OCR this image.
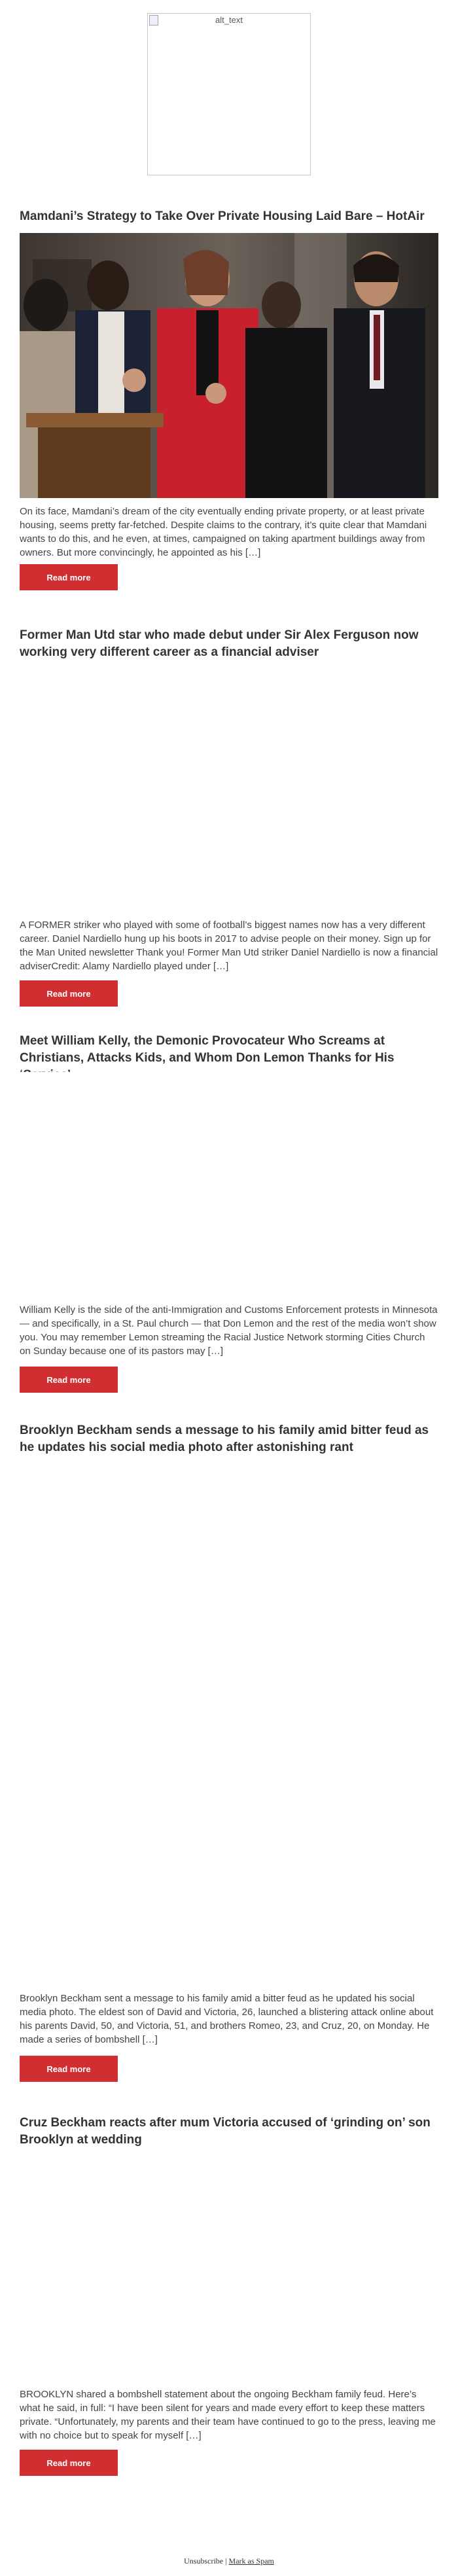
alt_text
Mamdani’s Strategy to Take Over Private Housing Laid Bare – HotAir

On its face, Mamdani’s dream of the city eventually ending private property, or at least private housing, seems pretty far-fetched. Despite claims to the contrary, it’s quite clear that Mamdani wants to do this, and he even, at times, campaigned on taking apartment buildings away from owners. But more convincingly, he appointed as his […]

Read more
Former Man Utd star who made debut under Sir Alex Ferguson now working very different career as a financial adviser

A FORMER striker who played with some of football’s biggest names now has a very different career. Daniel Nardiello hung up his boots in 2017 to advise people on their money. Sign up for the Man United newsletter Thank you! Former Man Utd striker Daniel Nardiello is now a financial adviserCredit: Alamy Nardiello played under […]

Read more
Meet William Kelly, the Demonic Provocateur Who Screams at Christians, Attacks Kids, and Whom Don Lemon Thanks for His

William Kelly is the side of the anti-Immigration and Customs Enforcement protests in Minnesota — and specifically, in a St. Paul church — that Don Lemon and the rest of the media won’t show you. You may remember Lemon streaming the Racial Justice Network storming Cities Church on Sunday because one of its pastors may […]

Read more
Brooklyn Beckham sends a message to his family amid bitter feud as he updates his social media photo after astonishing rant

Brooklyn Beckham sent a message to his family amid a bitter feud as he updated his social media photo. The eldest son of David and Victoria, 26, launched a blistering attack online about his parents David, 50, and Victoria, 51, and brothers Romeo, 23, and Cruz, 20, on Monday. He made a series of bombshell […]

Read more
Cruz Beckham reacts after mum Victoria accused of ‘grinding on’ son Brooklyn at wedding

BROOKLYN shared a bombshell statement about the ongoing Beckham family feud. Here’s what he said, in full: “I have been silent for years and made every effort to keep these matters private. “Unfortunately, my parents and their team have continued to go to the press, leaving me with no choice but to speak for myself […]

Read more
Unsubscribe | Mark as Spam
